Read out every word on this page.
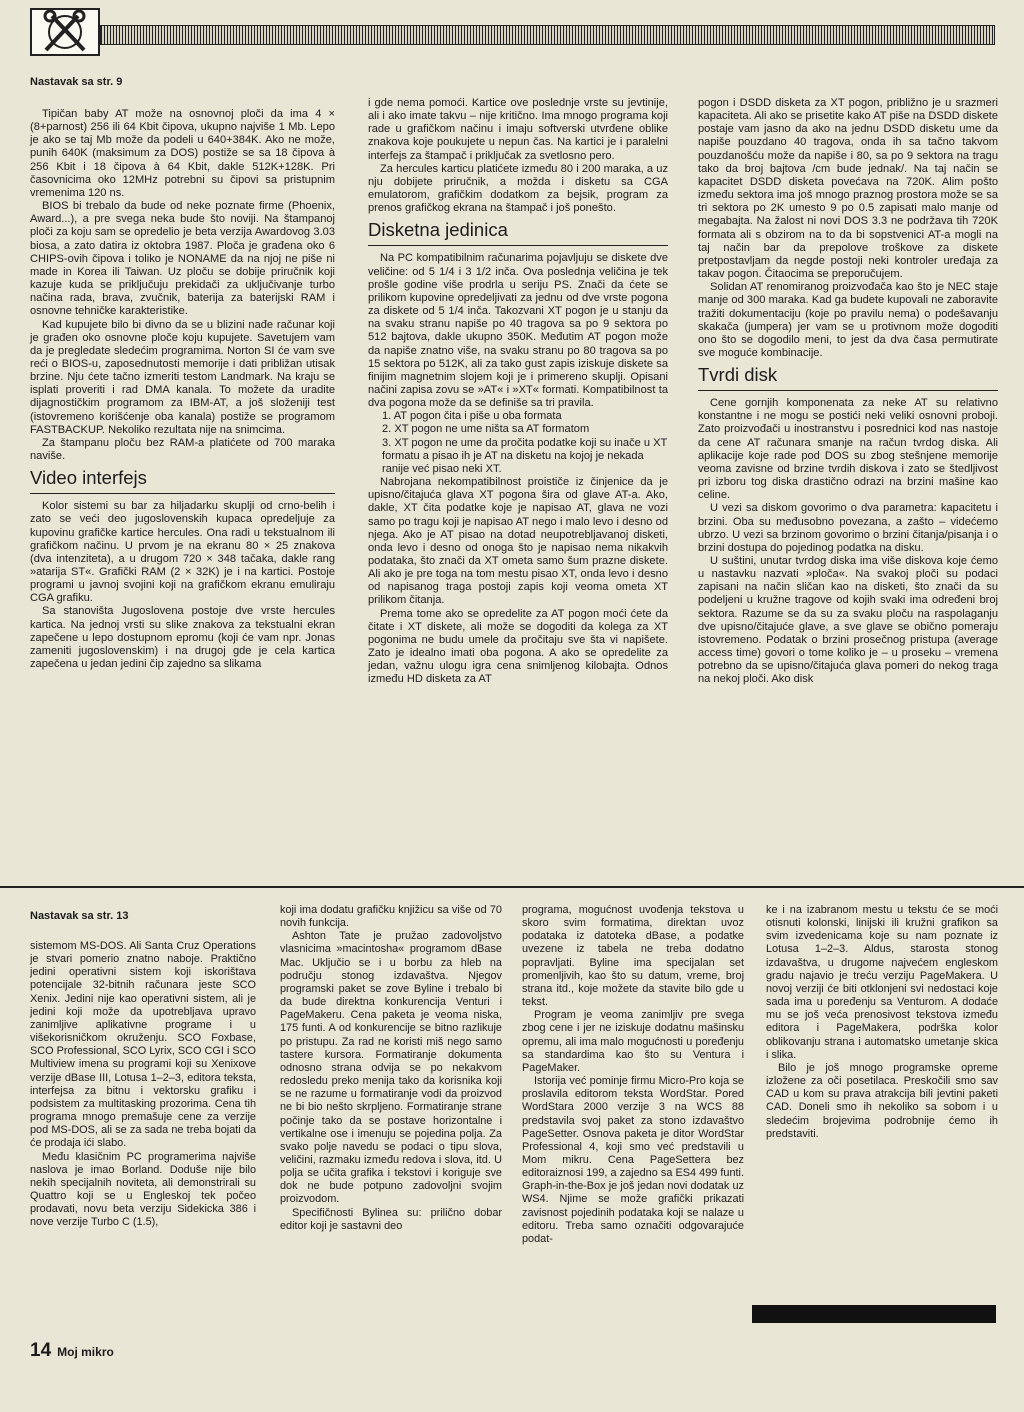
Nastavak sa str. 9

Tipičan baby AT može na osnovnoj ploči da ima 4 × (8+parnost) 256 ili 64 Kbit čipova, ukupno najviše 1 Mb. Lepo je ako se taj Mb može da podeli u 640+384K. Ako ne može, punih 640K (maksimum za DOS) postiže se sa 18 čipova à 256 Kbit i 18 čipova à 64 Kbit, dakle 512K+128K. Pri časovnicima oko 12MHz potrebni su čipovi sa pristupnim vremenima 120 ns.

BIOS bi trebalo da bude od neke poznate firme (Phoenix, Award...), a pre svega neka bude što noviji. Na štampanoj ploči za koju sam se opredelio je beta verzija Awardovog 3.03 biosa, a zato datira iz oktobra 1987. Ploča je građena oko 6 CHIPS-ovih čipova i toliko je NONAME da na njoj ne piše ni made in Korea ili Taiwan. Uz ploču se dobije priručnik koji kazuje kuda se priključuju prekidači za uključivanje turbo načina rada, brava, zvučnik, baterija za baterijski RAM i osnovne tehničke karakteristike.

Kad kupujete bilo bi divno da se u blizini nađe računar koji je građen oko osnovne ploče koju kupujete. Savetujem vam da je pregledate sledećim programima. Norton SI će vam sve reći o BIOS-u, zaposednutosti memorije i dati približan utisak brzine. Nju ćete tačno izmeriti testom Landmark. Na kraju se isplati proveriti i rad DMA kanala. To možete da uradite dijagnostičkim programom za IBM-AT, a još složeniji test (istovremeno korišćenje oba kanala) postiže se programom FASTBACKUP. Nekoliko rezultata nije na snimcima.

Za štampanu ploču bez RAM-a platićete od 700 maraka naviše.

Video interfejs

Kolor sistemi su bar za hiljadarku skuplji od crno-belih i zato se veći deo jugoslovenskih kupaca opredeljuje za kupovinu grafičke kartice hercules. Ona radi u tekstualnom ili grafičkom načinu. U prvom je na ekranu 80 × 25 znakova (dva intenziteta), a u drugom 720 × 348 tačaka, dakle rang »atarija ST«. Grafički RAM (2 × 32K) je i na kartici. Postoje programi u javnoj svojini koji na grafičkom ekranu emuliraju CGA grafiku.

Sa stanovišta Jugoslovena postoje dve vrste hercules kartica. Na jednoj vrsti su slike znakova za tekstualni ekran zapečene u lepo dostupnom epromu (koji će vam npr. Jonas zameniti jugoslovenskim) i na drugoj gde je cela kartica zapečena u jedan jedini čip zajedno sa slikama

i gde nema pomoći. Kartice ove poslednje vrste su jevtinije, ali i ako imate takvu – nije kritično. Ima mnogo programa koji rade u grafičkom načinu i imaju softverski utvrđene oblike znakova koje poukujete u nepun čas. Na kartici je i paralelni interfejs za štampač i priključak za svetlosno pero.

Za hercules karticu platićete između 80 i 200 maraka, a uz nju dobijete priručnik, a možda i disketu sa CGA emulatorom, grafičkim dodatkom za bejsik, program za prenos grafičkog ekrana na štampač i još ponešto.

Disketna jedinica

Na PC kompatibilnim računarima pojavljuju se diskete dve veličine: od 5 1/4 i 3 1/2 inča. Ova poslednja veličina je tek prošle godine više prodrla u seriju PS. Znači da ćete se prilikom kupovine opredeljivati za jednu od dve vrste pogona za diskete od 5 1/4 inča. Takozvani XT pogon je u stanju da na svaku stranu napiše po 40 tragova sa po 9 sektora po 512 bajtova, dakle ukupno 350K. Međutim AT pogon može da napiše znatno više, na svaku stranu po 80 tragova sa po 15 sektora po 512K, ali za tako gust zapis iziskuje diskete sa finijim magnetnim slojem koji je i primereno skuplji. Opisani načini zapisa zovu se »AT« i »XT« formati. Kompatibilnost ta dva pogona može da se definiše sa tri pravila.

1. AT pogon čita i piše u oba formata

2. XT pogon ne ume ništa sa AT formatom

3. XT pogon ne ume da pročita podatke koji su inače u XT formatu a pisao ih je AT na disketu na kojoj je nekada ranije već pisao neki XT.

Nabrojana nekompatibilnost proističe iz činjenice da je upisno/čitajuća glava XT pogona šira od glave AT-a. Ako, dakle, XT čita podatke koje je napisao AT, glava ne vozi samo po tragu koji je napisao AT nego i malo levo i desno od njega. Ako je AT pisao na dotad neupotrebljavanoj disketi, onda levo i desno od onoga što je napisao nema nikakvih podataka, što znači da XT ometa samo šum prazne diskete. Ali ako je pre toga na tom mestu pisao XT, onda levo i desno od napisanog traga postoji zapis koji veoma ometa XT prilikom čitanja.

Prema tome ako se opredelite za AT pogon moći ćete da čitate i XT diskete, ali može se dogoditi da kolega za XT pogonima ne budu umele da pročitaju sve šta vi napišete. Zato je idealno imati oba pogona. A ako se opredelite za jedan, važnu ulogu igra cena snimljenog kilobajta. Odnos između HD disketa za AT

pogon i DSDD disketa za XT pogon, približno je u srazmeri kapaciteta. Ali ako se prisetite kako AT piše na DSDD diskete postaje vam jasno da ako na jednu DSDD disketu ume da napiše pouzdano 40 tragova, onda ih sa tačno takvom pouzdanošću može da napiše i 80, sa po 9 sektora na tragu tako da broj bajtova /cm bude jednak/. Na taj način se kapacitet DSDD disketa povećava na 720K. Alim pošto između sektora ima još mnogo praznog prostora može se sa tri sektora po 2K umesto 9 po 0.5 zapisati malo manje od megabajta. Na žalost ni novi DOS 3.3 ne podržava tih 720K formata ali s obzirom na to da bi sopstvenici AT-a mogli na taj način bar da prepolove troškove za diskete pretpostavljam da negde postoji neki kontroler uređaja za takav pogon. Čitaocima se preporučujem.

Solidan AT renomiranog proizvođača kao što je NEC staje manje od 300 maraka. Kad ga budete kupovali ne zaboravite tražiti dokumentaciju (koje po pravilu nema) o podešavanju skakača (jumpera) jer vam se u protivnom može dogoditi ono što se dogodilo meni, to jest da dva časa permutirate sve moguće kombinacije.

Tvrdi disk

Cene gornjih komponenata za neke AT su relativno konstantne i ne mogu se postići neki veliki osnovni proboji. Zato proizvođači u inostranstvu i posrednici kod nas nastoje da cene AT računara smanje na račun tvrdog diska. Ali aplikacije koje rade pod DOS su zbog stešnjene memorije veoma zavisne od brzine tvrdih diskova i zato se štedljivost pri izboru tog diska drastično odrazi na brzini mašine kao celine.

U vezi sa diskom govorimo o dva parametra: kapacitetu i brzini. Oba su međusobno povezana, a zašto – videćemo ubrzo. U vezi sa brzinom govorimo o brzini čitanja/pisanja i o brzini dostupa do pojedinog podatka na disku.

U suštini, unutar tvrdog diska ima više diskova koje ćemo u nastavku nazvati »ploča«. Na svakoj ploči su podaci zapisani na način sličan kao na disketi, što znači da su podeljeni u kružne tragove od kojih svaki ima određeni broj sektora. Razume se da su za svaku ploču na raspolaganju dve upisno/čitajuće glave, a sve glave se obično pomeraju istovremeno. Podatak o brzini prosečnog pristupa (average access time) govori o tome koliko je – u proseku – vremena potrebno da se upisno/čitajuća glava pomeri do nekog traga na nekoj ploči. Ako disk

Nastavak sa str. 13

sistemom MS-DOS. Ali Santa Cruz Operations je stvari pomerio znatno naboje. Praktično jedini operativni sistem koji iskorištava potencijale 32-bitnih računara jeste SCO Xenix. Jedini nije kao operativni sistem, ali je jedini koji može da upotrebljava upravo zanimljive aplikativne programe i u višekorisničkom okruženju. SCO Foxbase, SCO Professional, SCO Lyrix, SCO CGI i SCO Multiview imena su programi koji su Xenixove verzije dBase III, Lotusa 1–2–3, editora teksta, interfejsa za bitnu i vektorsku grafiku i podsistem za multitasking prozorima. Cena tih programa mnogo premašuje cene za verzije pod MS-DOS, ali se za sada ne treba bojati da će prodaja ići slabo.

Među klasičnim PC programerima najviše naslova je imao Borland. Doduše nije bilo nekih specijalnih noviteta, ali demonstrirali su Quattro koji se u Engleskoj tek počeo prodavati, novu beta verziju Sidekicka 386 i nove verzije Turbo C (1.5),

koji ima dodatu grafičku knjižicu sa više od 70 novih funkcija.

Ashton Tate je pružao zadovoljstvo vlasnicima »macintosha« programom dBase Mac. Uključio se i u borbu za hleb na području stonog izdavaštva. Njegov programski paket se zove Byline i trebalo bi da bude direktna konkurencija Venturi i PageMakeru. Cena paketa je veoma niska, 175 funti. A od konkurencije se bitno razlikuje po pristupu. Za rad ne koristi miš nego samo tastere kursora. Formatiranje dokumenta odnosno strana odvija se po nekakvom redosledu preko menija tako da korisnika koji se ne razume u formatiranje vodi da proizvod ne bi bio nešto skrpljeno. Formatiranje strane počinje tako da se postave horizontalne i vertikalne ose i imenuju se pojedina polja. Za svako polje navedu se podaci o tipu slova, veličini, razmaku između redova i slova, itd. U polja se učita grafika i tekstovi i koriguje sve dok ne bude potpuno zadovoljni svojim proizvodom.

Specifičnosti Bylinea su: prilično dobar editor koji je sastavni deo

programa, mogućnost uvođenja tekstova u skoro svim formatima, direktan uvoz podataka iz datoteka dBase, a podatke uvezene iz tabela ne treba dodatno popravljati. Byline ima specijalan set promenljivih, kao što su datum, vreme, broj strana itd., koje možete da stavite bilo gde u tekst.

Program je veoma zanimljiv pre svega zbog cene i jer ne iziskuje dodatnu mašinsku opremu, ali ima malo mogućnosti u poređenju sa standardima kao što su Ventura i PageMaker.

Istorija već pominje firmu Micro-Pro koja se proslavila editorom teksta WordStar. Pored WordStara 2000 verzije 3 na WCS 88 predstavila svoj paket za stono izdavaštvo PageSetter. Osnova paketa je ditor WordStar Professional 4, koji smo već predstavili u Mom mikru. Cena PageSettera bez editoraiznosi 199, a zajedno sa ES4 499 funti. Graph-in-the-Box je još jedan novi dodatak uz WS4. Njime se može grafički prikazati zavisnost pojedinih podataka koji se nalaze u editoru. Treba samo označiti odgovarajuće podat-

ke i na izabranom mestu u tekstu će se moći otisnuti kolonski, linijski ili kružni grafikon sa svim izvedenicama koje su nam poznate iz Lotusa 1–2–3. Aldus, starosta stonog izdavaštva, u drugome najvećem engleskom gradu najavio je treću verziju PageMakera. U novoj verziji će biti otklonjeni svi nedostaci koje sada ima u poređenju sa Venturom. A dodaće mu se još veća prenosivost tekstova između editora i PageMakera, podrška kolor oblikovanju strana i automatsko umetanje skica i slika.

Bilo je još mnogo programske opreme izložene za oči posetilaca. Preskočili smo sav CAD u kom su prava atrakcija bili jevtini paketi CAD. Doneli smo ih nekoliko sa sobom i u sledećim brojevima podrobnije ćemo ih predstaviti.

14 Moj mikro
